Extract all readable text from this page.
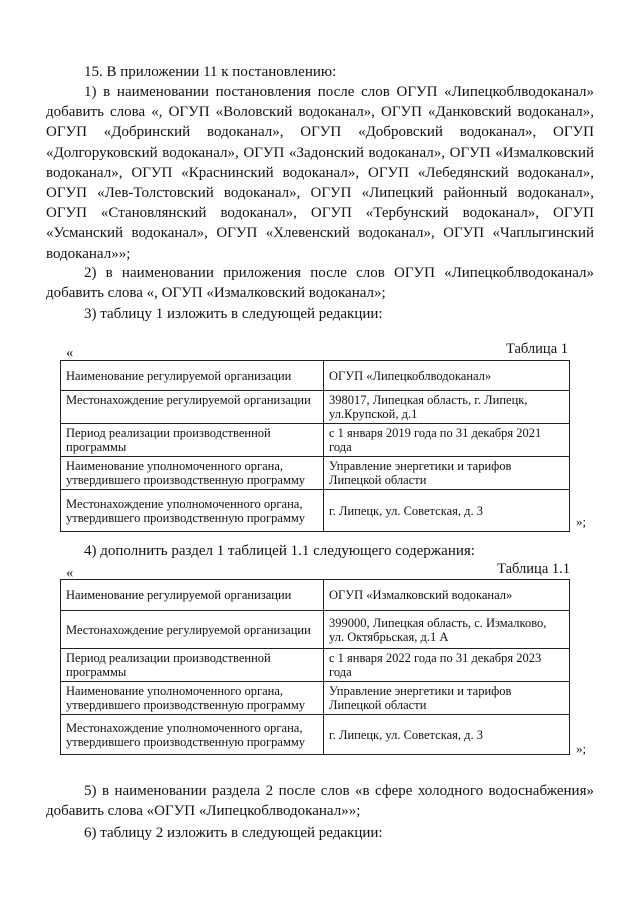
15. В приложении 11 к постановлению:

1) в наименовании постановления после слов ОГУП «Липецкоблводоканал» добавить слова «, ОГУП «Воловский водоканал», ОГУП «Данковский водоканал», ОГУП «Добринский водоканал», ОГУП «Добровский водоканал», ОГУП «Долгоруковский водоканал», ОГУП «Задонский водоканал», ОГУП «Измалковский водоканал», ОГУП «Краснинский водоканал», ОГУП «Лебедянский водоканал», ОГУП «Лев-Толстовский водоканал», ОГУП «Липецкий районный водоканал», ОГУП «Становлянский водоканал», ОГУП «Тербунский водоканал», ОГУП «Усманский водоканал», ОГУП «Хлевенский водоканал», ОГУП «Чаплыгинский водоканал»»;

2) в наименовании приложения после слов ОГУП «Липецкоблводоканал» добавить слова «, ОГУП «Измалковский водоканал»;

3) таблицу 1 изложить в следующей редакции:

«	Таблица 1
Наименование регулируемой организации	ОГУП «Липецкоблводоканал»
Местонахождение регулируемой организации	398017, Липецкая область, г. Липецк, ул.Крупской, д.1
Период реализации производственной программы	с 1 января 2019 года по 31 декабря 2021 года
Наименование уполномоченного органа, утвердившего производственную программу	Управление энергетики и тарифов Липецкой области
Местонахождение уполномоченного органа, утвердившего производственную программу	г. Липецк, ул. Советская, д. 3
»;

4) дополнить раздел 1 таблицей 1.1 следующего содержания:

«	Таблица 1.1
Наименование регулируемой организации	ОГУП «Измалковский водоканал»
Местонахождение регулируемой организации	399000, Липецкая область, с. Измалково, ул. Октябрьская, д.1 А
Период реализации производственной программы	с 1 января 2022 года по 31 декабря 2023 года
Наименование уполномоченного органа, утвердившего производственную программу	Управление энергетики и тарифов Липецкой области
Местонахождение уполномоченного органа, утвердившего производственную программу	г. Липецк, ул. Советская, д. 3
»;

5) в наименовании раздела 2 после слов «в сфере холодного водоснабжения» добавить слова «ОГУП «Липецкоблводоканал»»;

6) таблицу 2 изложить в следующей редакции:
